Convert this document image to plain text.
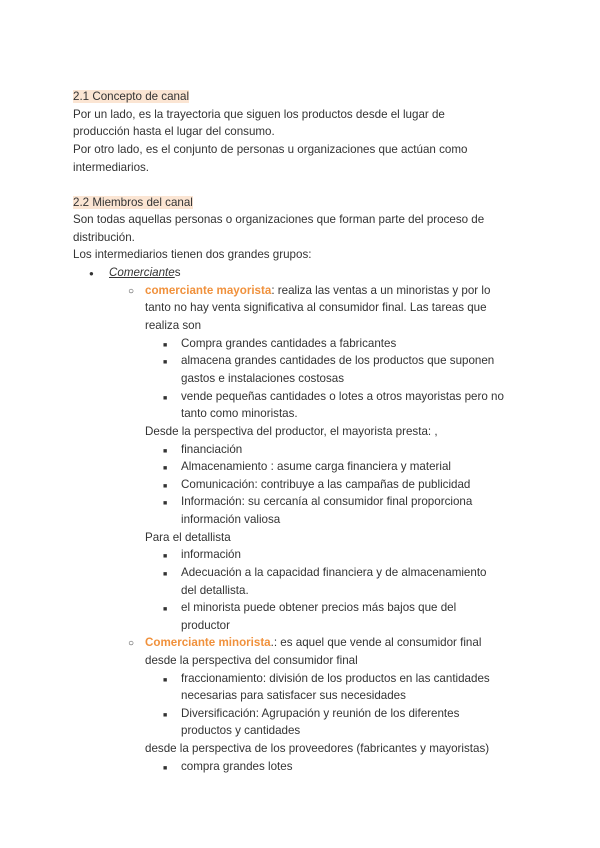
2.1 Concepto de canal
Por un lado, es la trayectoria que siguen los productos desde el lugar de
producción hasta el lugar del consumo.
Por otro lado, es el conjunto de personas u organizaciones que actúan como
intermediarios.
2.2 Miembros del canal
Son todas aquellas personas o organizaciones que forman parte del proceso de
distribución.
Los intermediarios tienen dos grandes grupos:
●
Comerciantes
○
comerciante mayorista: realiza las ventas a un minoristas y por lo
tanto no hay venta significativa al consumidor final. Las tareas que
realiza son
■
Compra grandes cantidades a fabricantes
■
almacena grandes cantidades de los productos que suponen
gastos e instalaciones costosas
■
vende pequeñas cantidades o lotes a otros mayoristas pero no
tanto como minoristas.
Desde la perspectiva del productor, el mayorista presta: ,
■
financiación
■
Almacenamiento : asume carga financiera y material
■
Comunicación: contribuye a las campañas de publicidad
■
Información: su cercanía al consumidor final proporciona
información valiosa
Para el detallista
■
información
■
Adecuación a la capacidad financiera y de almacenamiento
del detallista.
■
el minorista puede obtener precios más bajos que del
productor
○
Comerciante minorista.: es aquel que vende al consumidor final
desde la perspectiva del consumidor final
■
fraccionamiento: división de los productos en las cantidades
necesarias para satisfacer sus necesidades
■
Diversificación: Agrupación y reunión de los diferentes
productos y cantidades
desde la perspectiva de los proveedores (fabricantes y mayoristas)
■
compra grandes lotes
